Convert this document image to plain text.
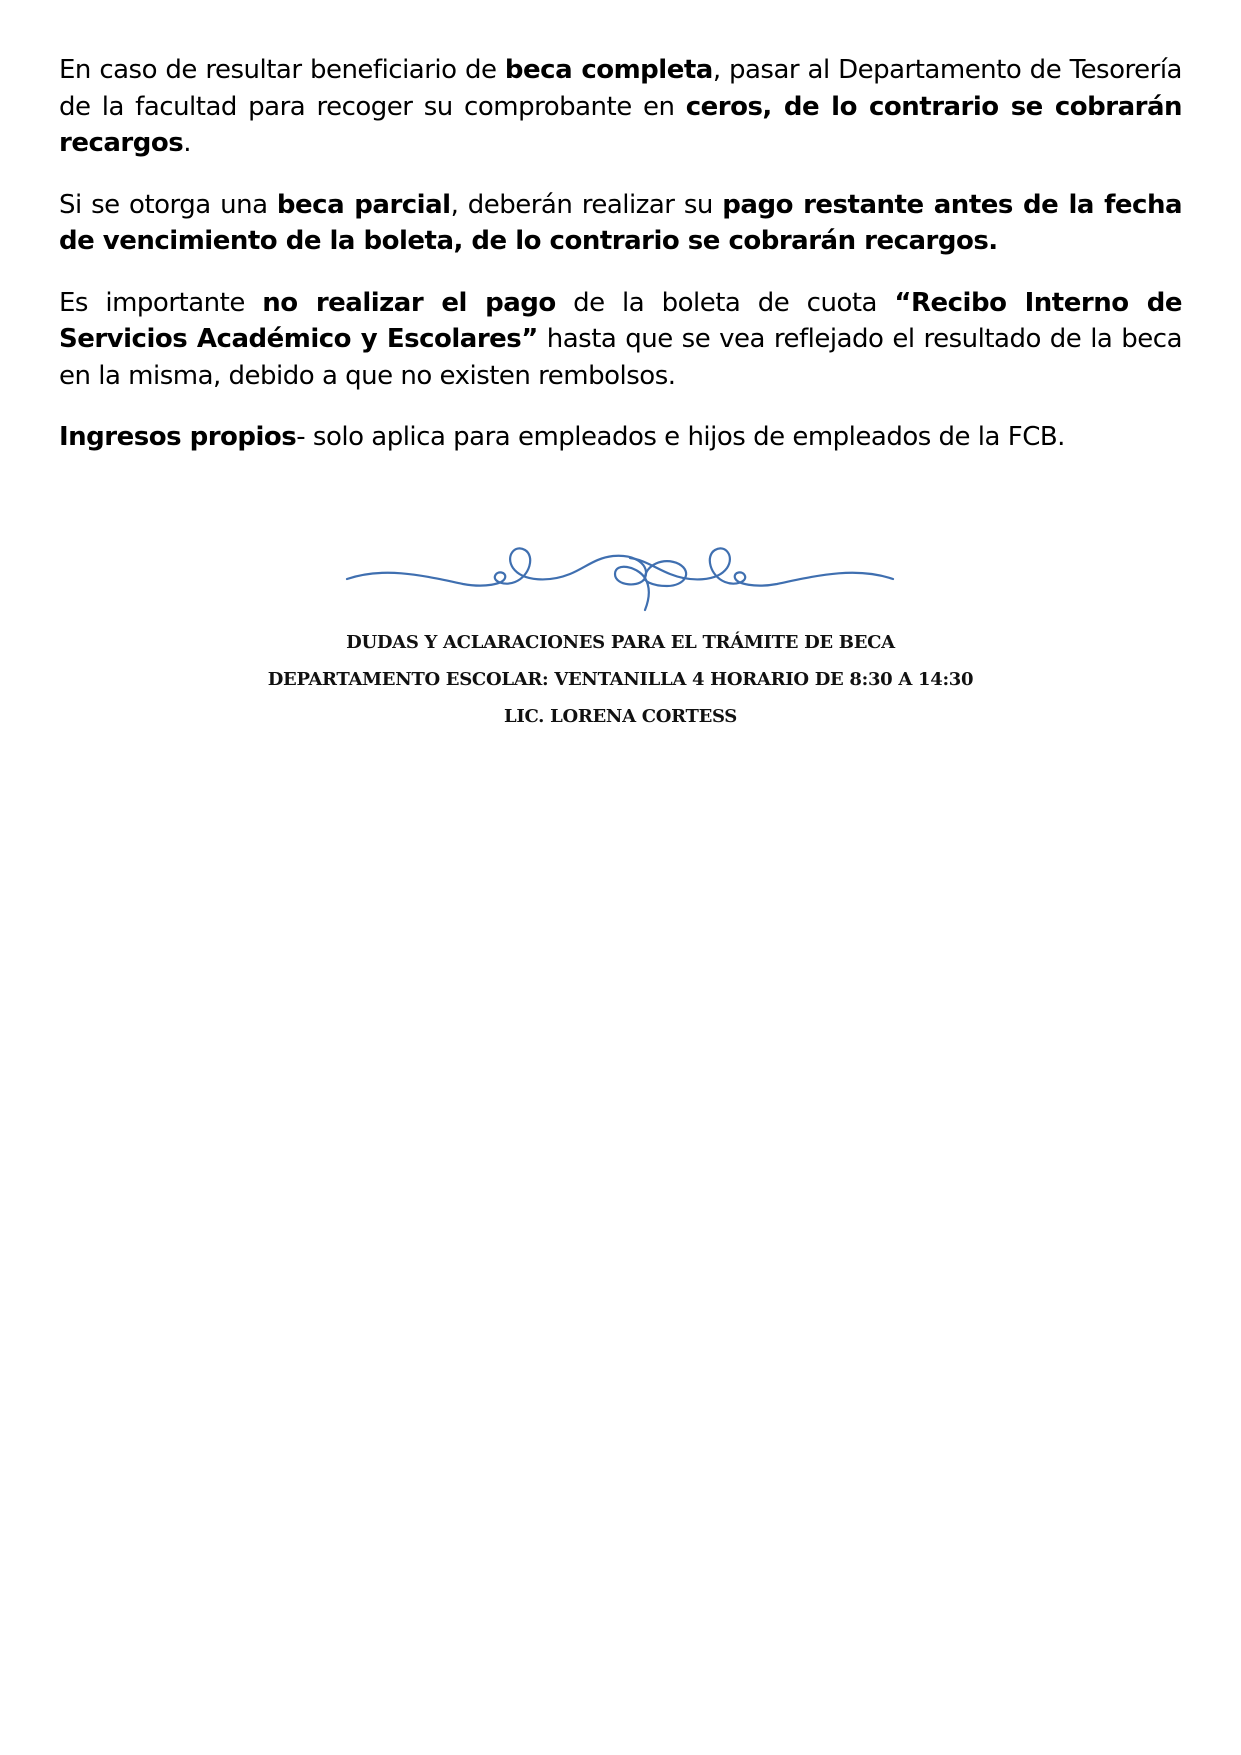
En caso de resultar beneficiario de beca completa, pasar al Departamento de Tesorería de la facultad para recoger su comprobante en ceros, de lo contrario se cobrarán recargos.

Si se otorga una beca parcial, deberán realizar su pago restante antes de la fecha de vencimiento de la boleta, de lo contrario se cobrarán recargos.

Es importante no realizar el pago de la boleta de cuota “Recibo Interno de Servicios Académico y Escolares” hasta que se vea reflejado el resultado de la beca en la misma, debido a que no existen rembolsos.

Ingresos propios- solo aplica para empleados e hijos de empleados de la FCB.

DUDAS Y ACLARACIONES PARA EL TRÁMITE DE BECA
DEPARTAMENTO ESCOLAR: VENTANILLA 4 HORARIO DE 8:30 A 14:30
LIC. LORENA CORTESS
